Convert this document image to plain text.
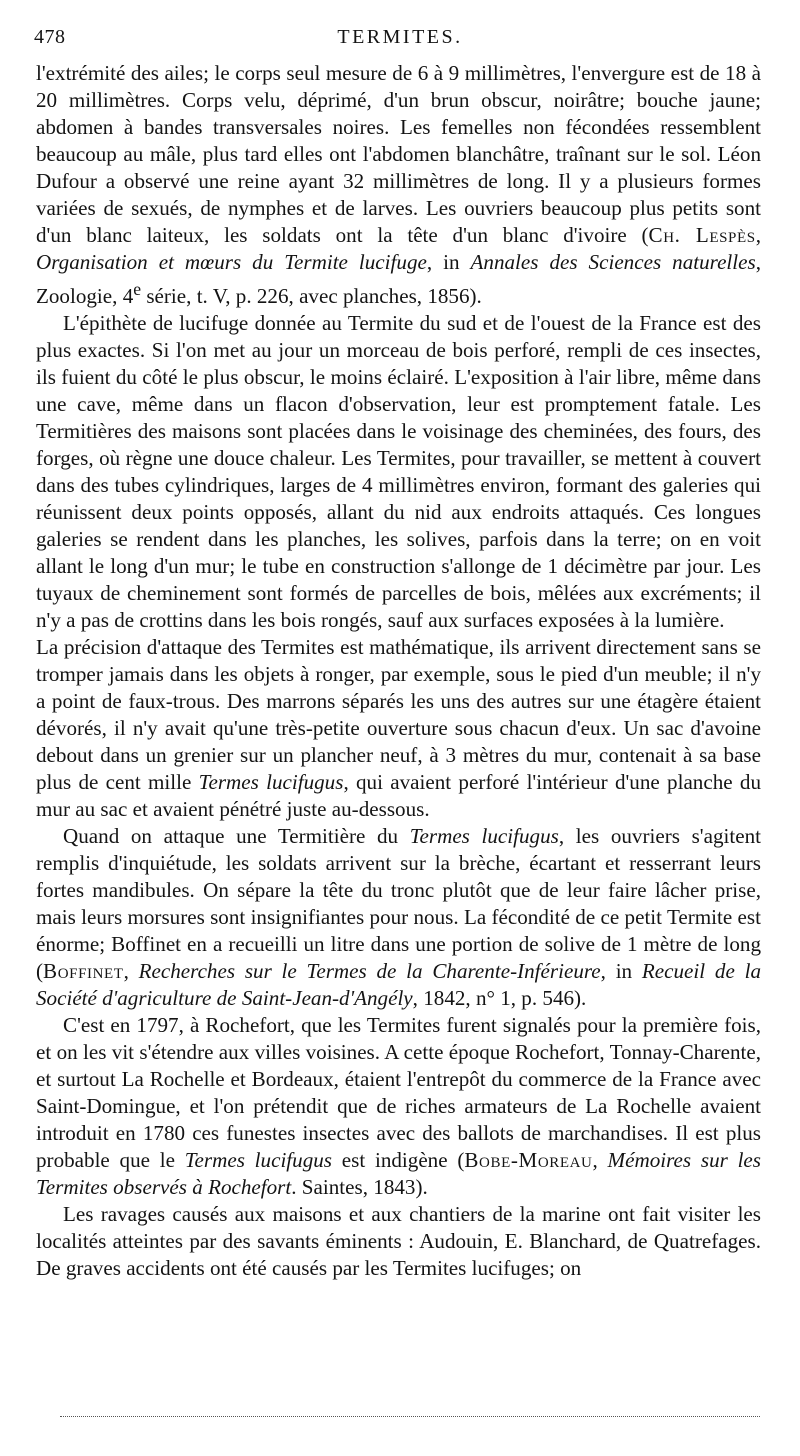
478	TERMITES.

l'extrémité des ailes; le corps seul mesure de 6 à 9 millimètres, l'envergure est de 18 à 20 millimètres. Corps velu, déprimé, d'un brun obscur, noirâtre; bouche jaune; abdomen à bandes transversales noires. Les femelles non fécondées ressemblent beaucoup au mâle, plus tard elles ont l'abdomen blanchâtre, traînant sur le sol. Léon Dufour a observé une reine ayant 32 millimètres de long. Il y a plusieurs formes variées de sexués, de nymphes et de larves. Les ouvriers beaucoup plus petits sont d'un blanc laiteux, les soldats ont la tête d'un blanc d'ivoire (Ch. Lespès, Organisation et mœurs du Termite lucifuge, in Annales des Sciences naturelles, Zoologie, 4e série, t. V, p. 226, avec planches, 1856).

L'épithète de lucifuge donnée au Termite du sud et de l'ouest de la France est des plus exactes. Si l'on met au jour un morceau de bois perforé, rempli de ces insectes, ils fuient du côté le plus obscur, le moins éclairé. L'exposition à l'air libre, même dans une cave, même dans un flacon d'observation, leur est promptement fatale. Les Termitières des maisons sont placées dans le voisinage des cheminées, des fours, des forges, où règne une douce chaleur. Les Termites, pour travailler, se mettent à couvert dans des tubes cylindriques, larges de 4 millimètres environ, formant des galeries qui réunissent deux points opposés, allant du nid aux endroits attaqués. Ces longues galeries se rendent dans les planches, les solives, parfois dans la terre; on en voit allant le long d'un mur; le tube en construction s'allonge de 1 décimètre par jour. Les tuyaux de cheminement sont formés de parcelles de bois, mêlées aux excréments; il n'y a pas de crottins dans les bois rongés, sauf aux surfaces exposées à la lumière.

La précision d'attaque des Termites est mathématique, ils arrivent directement sans se tromper jamais dans les objets à ronger, par exemple, sous le pied d'un meuble; il n'y a point de faux-trous. Des marrons séparés les uns des autres sur une étagère étaient dévorés, il n'y avait qu'une très-petite ouverture sous chacun d'eux. Un sac d'avoine debout dans un grenier sur un plancher neuf, à 3 mètres du mur, contenait à sa base plus de cent mille Termes lucifugus, qui avaient perforé l'intérieur d'une planche du mur au sac et avaient pénétré juste au-dessous.

Quand on attaque une Termitière du Termes lucifugus, les ouvriers s'agitent remplis d'inquiétude, les soldats arrivent sur la brèche, écartant et resserrant leurs fortes mandibules. On sépare la tête du tronc plutôt que de leur faire lâcher prise, mais leurs morsures sont insignifiantes pour nous. La fécondité de ce petit Termite est énorme; Boffinet en a recueilli un litre dans une portion de solive de 1 mètre de long (Boffinet, Recherches sur le Termes de la Charente-Inférieure, in Recueil de la Société d'agriculture de Saint-Jean-d'Angély, 1842, n° 1, p. 546).

C'est en 1797, à Rochefort, que les Termites furent signalés pour la première fois, et on les vit s'étendre aux villes voisines. A cette époque Rochefort, Tonnay-Charente, et surtout La Rochelle et Bordeaux, étaient l'entrepôt du commerce de la France avec Saint-Domingue, et l'on prétendit que de riches armateurs de La Rochelle avaient introduit en 1780 ces funestes insectes avec des ballots de marchandises. Il est plus probable que le Termes lucifugus est indigène (Bobe-Moreau, Mémoires sur les Termites observés à Rochefort. Saintes, 1843).

Les ravages causés aux maisons et aux chantiers de la marine ont fait visiter les localités atteintes par des savants éminents : Audouin, E. Blanchard, de Quatrefages. De graves accidents ont été causés par les Termites lucifuges; on
